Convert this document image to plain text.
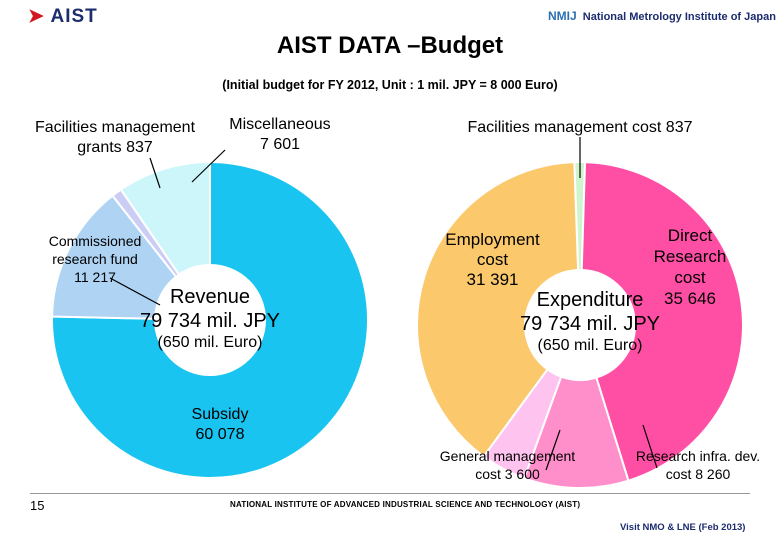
➤ AIST	NMIJ National Metrology Institute of Japan
AIST DATA –Budget
(Initial budget for FY 2012, Unit : 1 mil. JPY = 8 000 Euro)
Facilities management
grants 837
Miscellaneous
7 601
Commissioned
research fund
11 217
Subsidy
60 078
Revenue
79 734 mil. JPY
(650 mil. Euro)
Facilities management cost 837
Direct
Research
cost
35 646
Employment
cost
31 391
Expenditure
79 734 mil. JPY
(650 mil. Euro)
General management
cost 3 600
Research infra. dev.
cost 8 260
15	NATIONAL INSTITUTE OF ADVANCED INDUSTRIAL SCIENCE AND TECHNOLOGY (AIST)
Visit NMO & LNE (Feb 2013)
